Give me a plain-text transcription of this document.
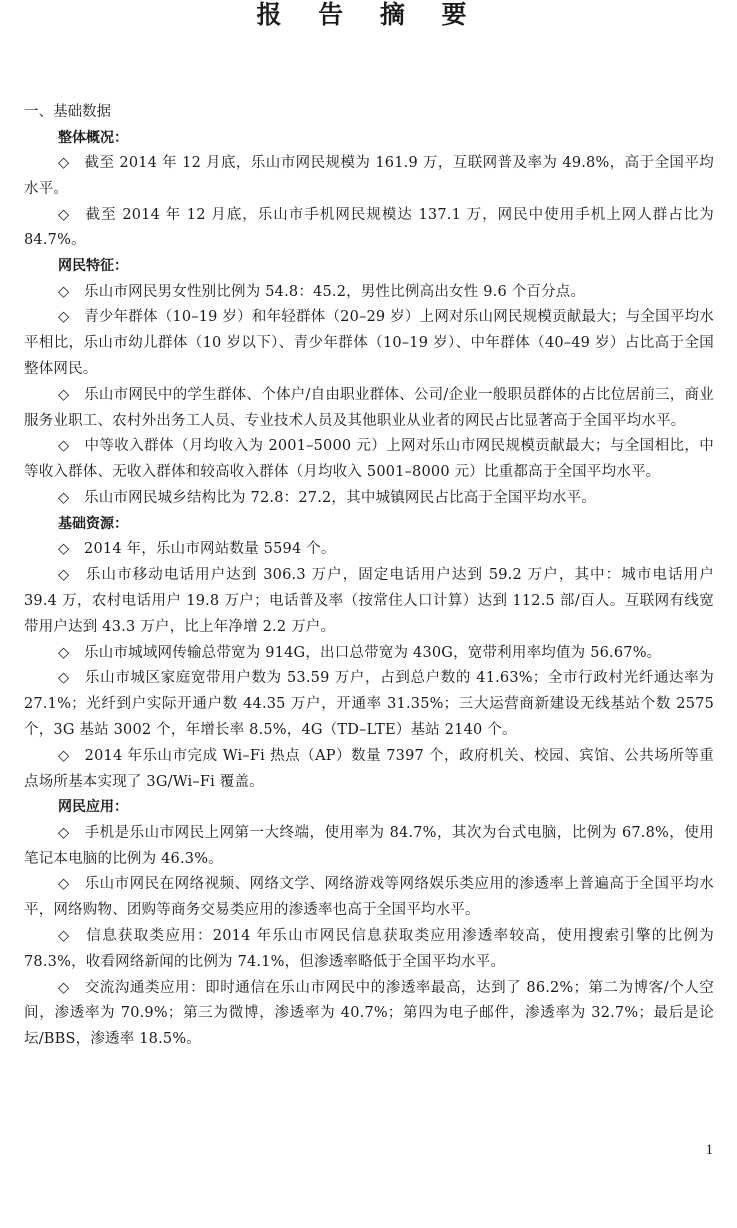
报 告 摘 要
一、基础数据
整体概况：

◇　截至 2014 年 12 月底，乐山市网民规模为 161.9 万，互联网普及率为 49.8%，高于全国平均水平。

◇　截至 2014 年 12 月底，乐山市手机网民规模达 137.1 万，网民中使用手机上网人群占比为 84.7%。

网民特征：

◇　乐山市网民男女性别比例为 54.8：45.2，男性比例高出女性 9.6 个百分点。

◇　青少年群体（10–19 岁）和年轻群体（20–29 岁）上网对乐山网民规模贡献最大；与全国平均水平相比，乐山市幼儿群体（10 岁以下）、青少年群体（10–19 岁）、中年群体（40–49 岁）占比高于全国整体网民。

◇　乐山市网民中的学生群体、个体户/自由职业群体、公司/企业一般职员群体的占比位居前三，商业服务业职工、农村外出务工人员、专业技术人员及其他职业从业者的网民占比显著高于全国平均水平。

◇　中等收入群体（月均收入为 2001–5000 元）上网对乐山市网民规模贡献最大；与全国相比，中等收入群体、无收入群体和较高收入群体（月均收入 5001–8000 元）比重都高于全国平均水平。

◇　乐山市网民城乡结构比为 72.8：27.2，其中城镇网民占比高于全国平均水平。

基础资源：

◇　2014 年，乐山市网站数量 5594 个。

◇　乐山市移动电话用户达到 306.3 万户，固定电话用户达到 59.2 万户，其中：城市电话用户 39.4 万，农村电话用户 19.8 万户；电话普及率（按常住人口计算）达到 112.5 部/百人。互联网有线宽带用户达到 43.3 万户，比上年净增 2.2 万户。

◇　乐山市城域网传输总带宽为 914G，出口总带宽为 430G，宽带利用率均值为 56.67%。

◇　乐山市城区家庭宽带用户数为 53.59 万户，占到总户数的 41.63%；全市行政村光纤通达率为 27.1%；光纤到户实际开通户数 44.35 万户，开通率 31.35%；三大运营商新建设无线基站个数 2575 个，3G 基站 3002 个，年增长率 8.5%，4G（TD–LTE）基站 2140 个。

◇　2014 年乐山市完成 Wi–Fi 热点（AP）数量 7397 个，政府机关、校园、宾馆、公共场所等重点场所基本实现了 3G/Wi–Fi 覆盖。

网民应用：

◇　手机是乐山市网民上网第一大终端，使用率为 84.7%，其次为台式电脑，比例为 67.8%，使用笔记本电脑的比例为 46.3%。

◇　乐山市网民在网络视频、网络文学、网络游戏等网络娱乐类应用的渗透率上普遍高于全国平均水平，网络购物、团购等商务交易类应用的渗透率也高于全国平均水平。

◇　信息获取类应用：2014 年乐山市网民信息获取类应用渗透率较高，使用搜索引擎的比例为 78.3%，收看网络新闻的比例为 74.1%，但渗透率略低于全国平均水平。

◇　交流沟通类应用：即时通信在乐山市网民中的渗透率最高，达到了 86.2%；第二为博客/个人空间，渗透率为 70.9%；第三为微博，渗透率为 40.7%；第四为电子邮件，渗透率为 32.7%；最后是论坛/BBS，渗透率 18.5%。

1
